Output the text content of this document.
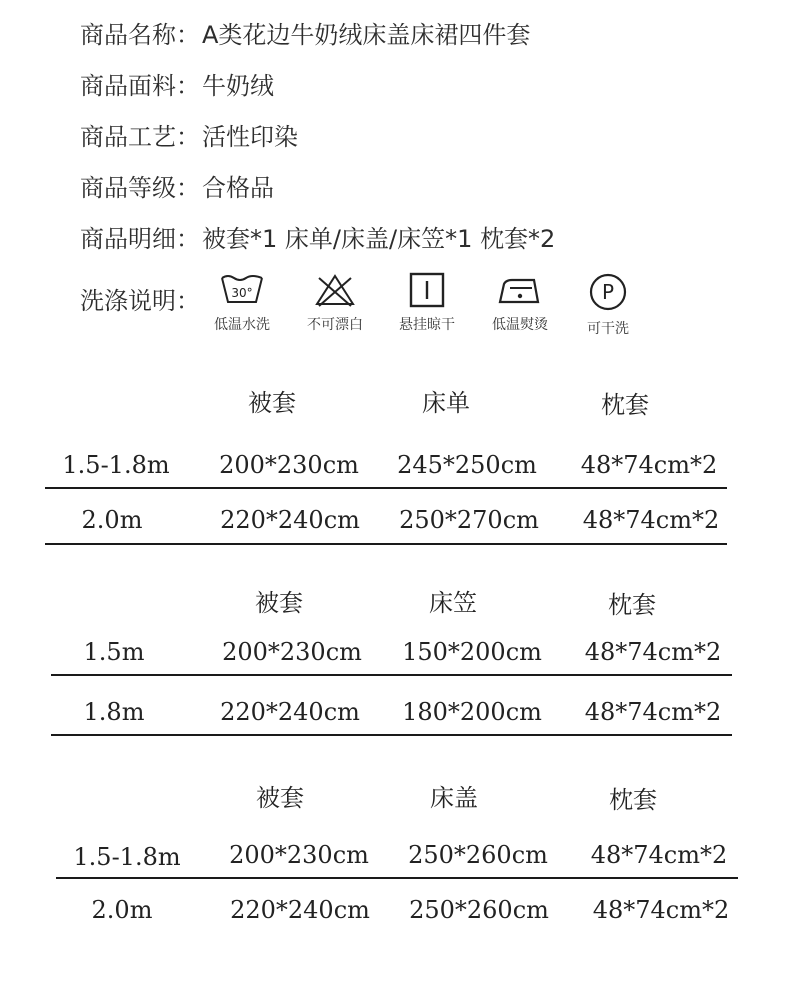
商品名称：A类花边牛奶绒床盖床裙四件套
商品面料：牛奶绒
商品工艺：活性印染
商品等级：合格品
商品明细：被套*1 床单/床盖/床笠*1 枕套*2
洗涤说明：	30°
低温水洗	不可漂白	悬挂晾干	低温熨烫
P
可干洗
被套	床单	枕套
1.5-1.8m 200*230cm 245*250cm 48*74cm*2
2.0m	220*240cm 250*270cm 48*74cm*2
被套	床笠	枕套
1.5m	200*230cm 150*200cm 48*74cm*2
1.8m	220*240cm 180*200cm 48*74cm*2
被套	床盖	枕套
1.5-1.8m 200*230cm 250*260cm 48*74cm*2
2.0m	220*240cm 250*260cm 48*74cm*2
